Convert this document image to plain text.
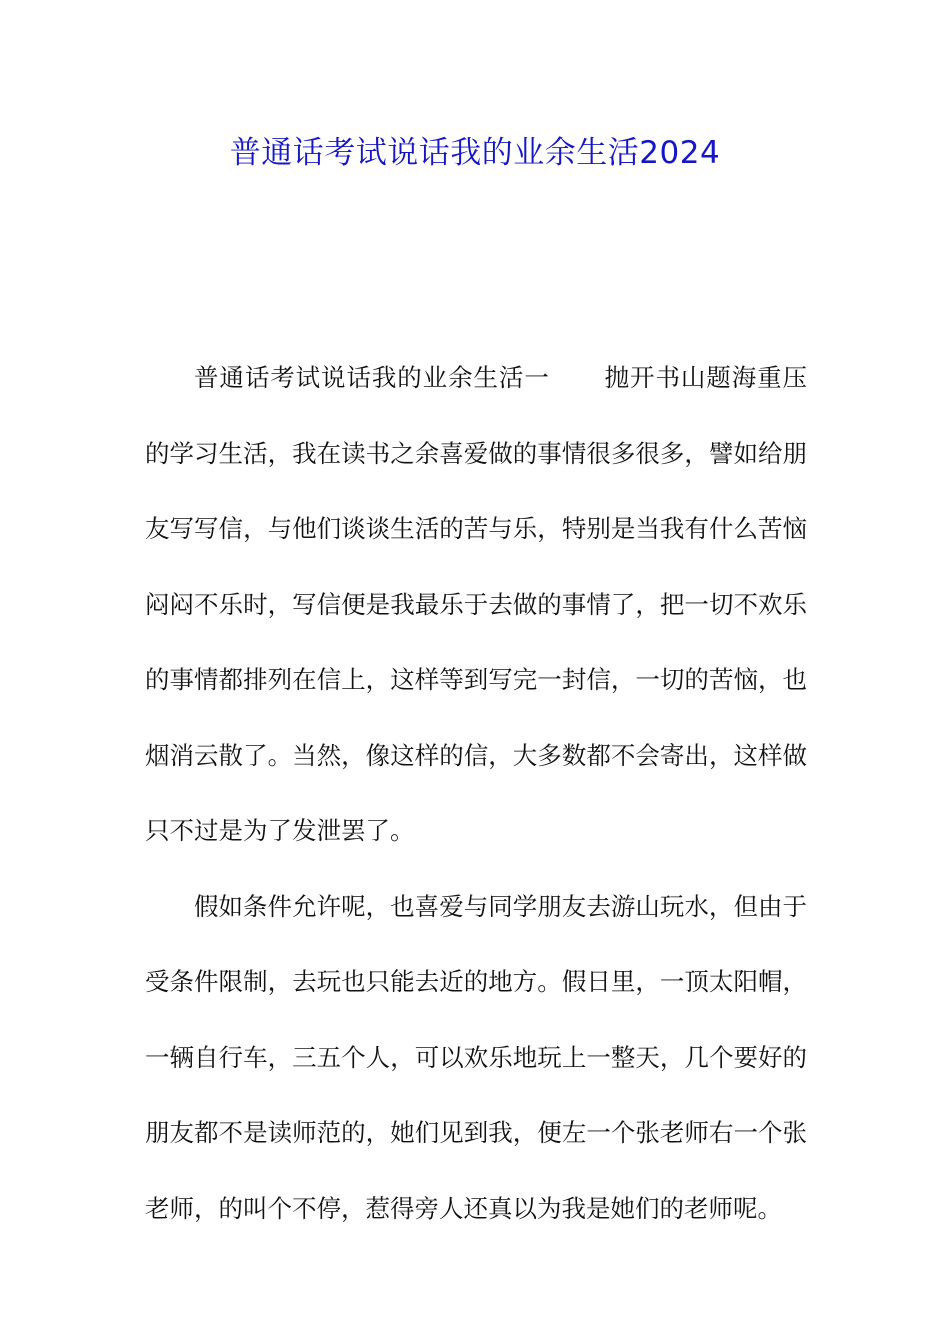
普通话考试说话我的业余生活2024

普通话考试说话我的业余生活一 抛开书山题海重压的学习生活，我在读书之余喜爱做的事情很多很多，譬如给朋友写写信，与他们谈谈生活的苦与乐，特别是当我有什么苦恼闷闷不乐时，写信便是我最乐于去做的事情了，把一切不欢乐的事情都排列在信上，这样等到写完一封信，一切的苦恼，也烟消云散了。当然，像这样的信，大多数都不会寄出，这样做只不过是为了发泄罢了。

假如条件允许呢，也喜爱与同学朋友去游山玩水，但由于受条件限制，去玩也只能去近的地方。假日里，一顶太阳帽，一辆自行车，三五个人，可以欢乐地玩上一整天，几个要好的朋友都不是读师范的，她们见到我，便左一个张老师右一个张老师，的叫个不停，惹得旁人还真以为我是她们的老师呢。
